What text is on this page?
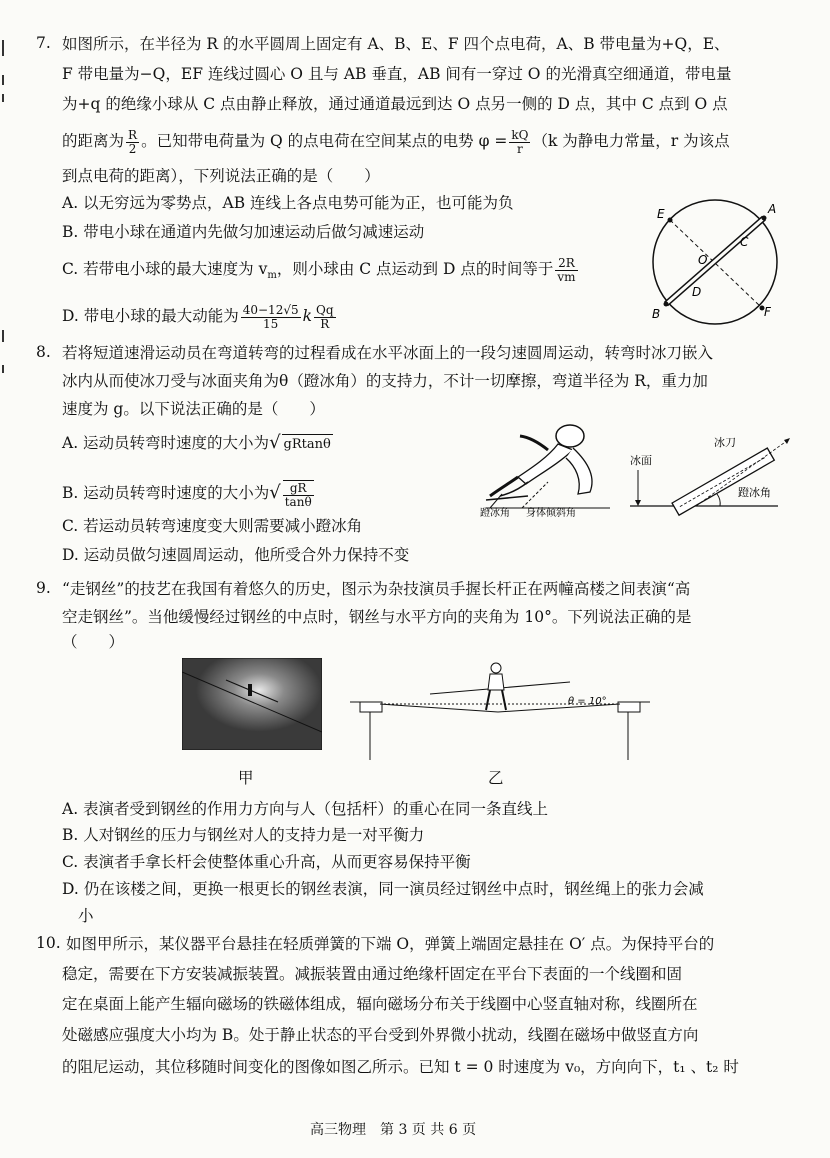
7. 如图所示，在半径为 R 的水平圆周上固定有 A、B、E、F 四个点电荷，A、B 带电量为+Q，E、
F 带电量为−Q，EF 连线过圆心 O 且与 AB 垂直，AB 间有一穿过 O 的光滑真空细通道，带电量
为+q 的绝缘小球从 C 点由静止释放，通过通道最远到达 O 点另一侧的 D 点，其中 C 点到 O 点
的距离为 $\frac{R}{2}$ 。已知带电荷量为 Q 的点电荷在空间某点的电势 $\varphi = \frac{kQ}{r} (k$ 为静电力常量，r 为该点
到点电荷的距离），下列说法正确的是（　　）
A. 以无穷远为零势点，AB 连线上各点电势可能为正，也可能为负
B. 带电小球在通道内先做匀加速运动后做匀减速运动
C. 若带电小球的最大速度为 $v_m$，则小球由 C 点运动到 D 点的时间等于 $\frac{2R}{vm}$
D. 带电小球的最大动能为 $\frac{40-12√5}{15}$ k $\frac{Qq}{R}$
E	A
C
O
D
B	F
8. 若将短道速滑运动员在弯道转弯的过程看成在水平冰面上的一段匀速圆周运动，转弯时冰刀嵌入
冰内从而使冰刀受与冰面夹角为θ（蹬冰角）的支持力，不计一切摩擦，弯道半径为 R，重力加
速度为 g。以下说法正确的是（　　）
A. 运动员转弯时速度的大小为√ gRtanθ
B. 运动员转弯时速度的大小为√ $\frac{gR}{\tan\theta}$
C. 若运动员转弯速度变大则需要减小蹬冰角
D. 运动员做匀速圆周运动，他所受合外力保持不变
蹬冰角 身体倾斜角
冰面
冰刀
蹬冰角
9. “走钢丝”的技艺在我国有着悠久的历史，图示为杂技演员手握长杆正在两幢高楼之间表演“高
空走钢丝”。当他缓慢经过钢丝的中点时，钢丝与水平方向的夹角为 10°。下列说法正确的是
（　　）
甲
θ = 10°
乙
A. 表演者受到钢丝的作用力方向与人（包括杆）的重心在同一条直线上
B. 人对钢丝的压力与钢丝对人的支持力是一对平衡力
C. 表演者手拿长杆会使整体重心升高，从而更容易保持平衡
D. 仍在该楼之间，更换一根更长的钢丝表演，同一演员经过钢丝中点时，钢丝绳上的张力会减
小
10. 如图甲所示，某仪器平台悬挂在轻质弹簧的下端 O，弹簧上端固定悬挂在 O′ 点。为保持平台的
稳定，需要在下方安装减振装置。减振装置由通过绝缘杆固定在平台下表面的一个线圈和固
定在桌面上能产生辐向磁场的铁磁体组成，辐向磁场分布关于线圈中心竖直轴对称，线圈所在
处磁感应强度大小均为 B。处于静止状态的平台受到外界微小扰动，线圈在磁场中做竖直方向
的阻尼运动，其位移随时间变化的图像如图乙所示。已知 t = 0 时速度为 v₀，方向向下，t₁ 、t₂ 时
高三物理　第 3 页 共 6 页
